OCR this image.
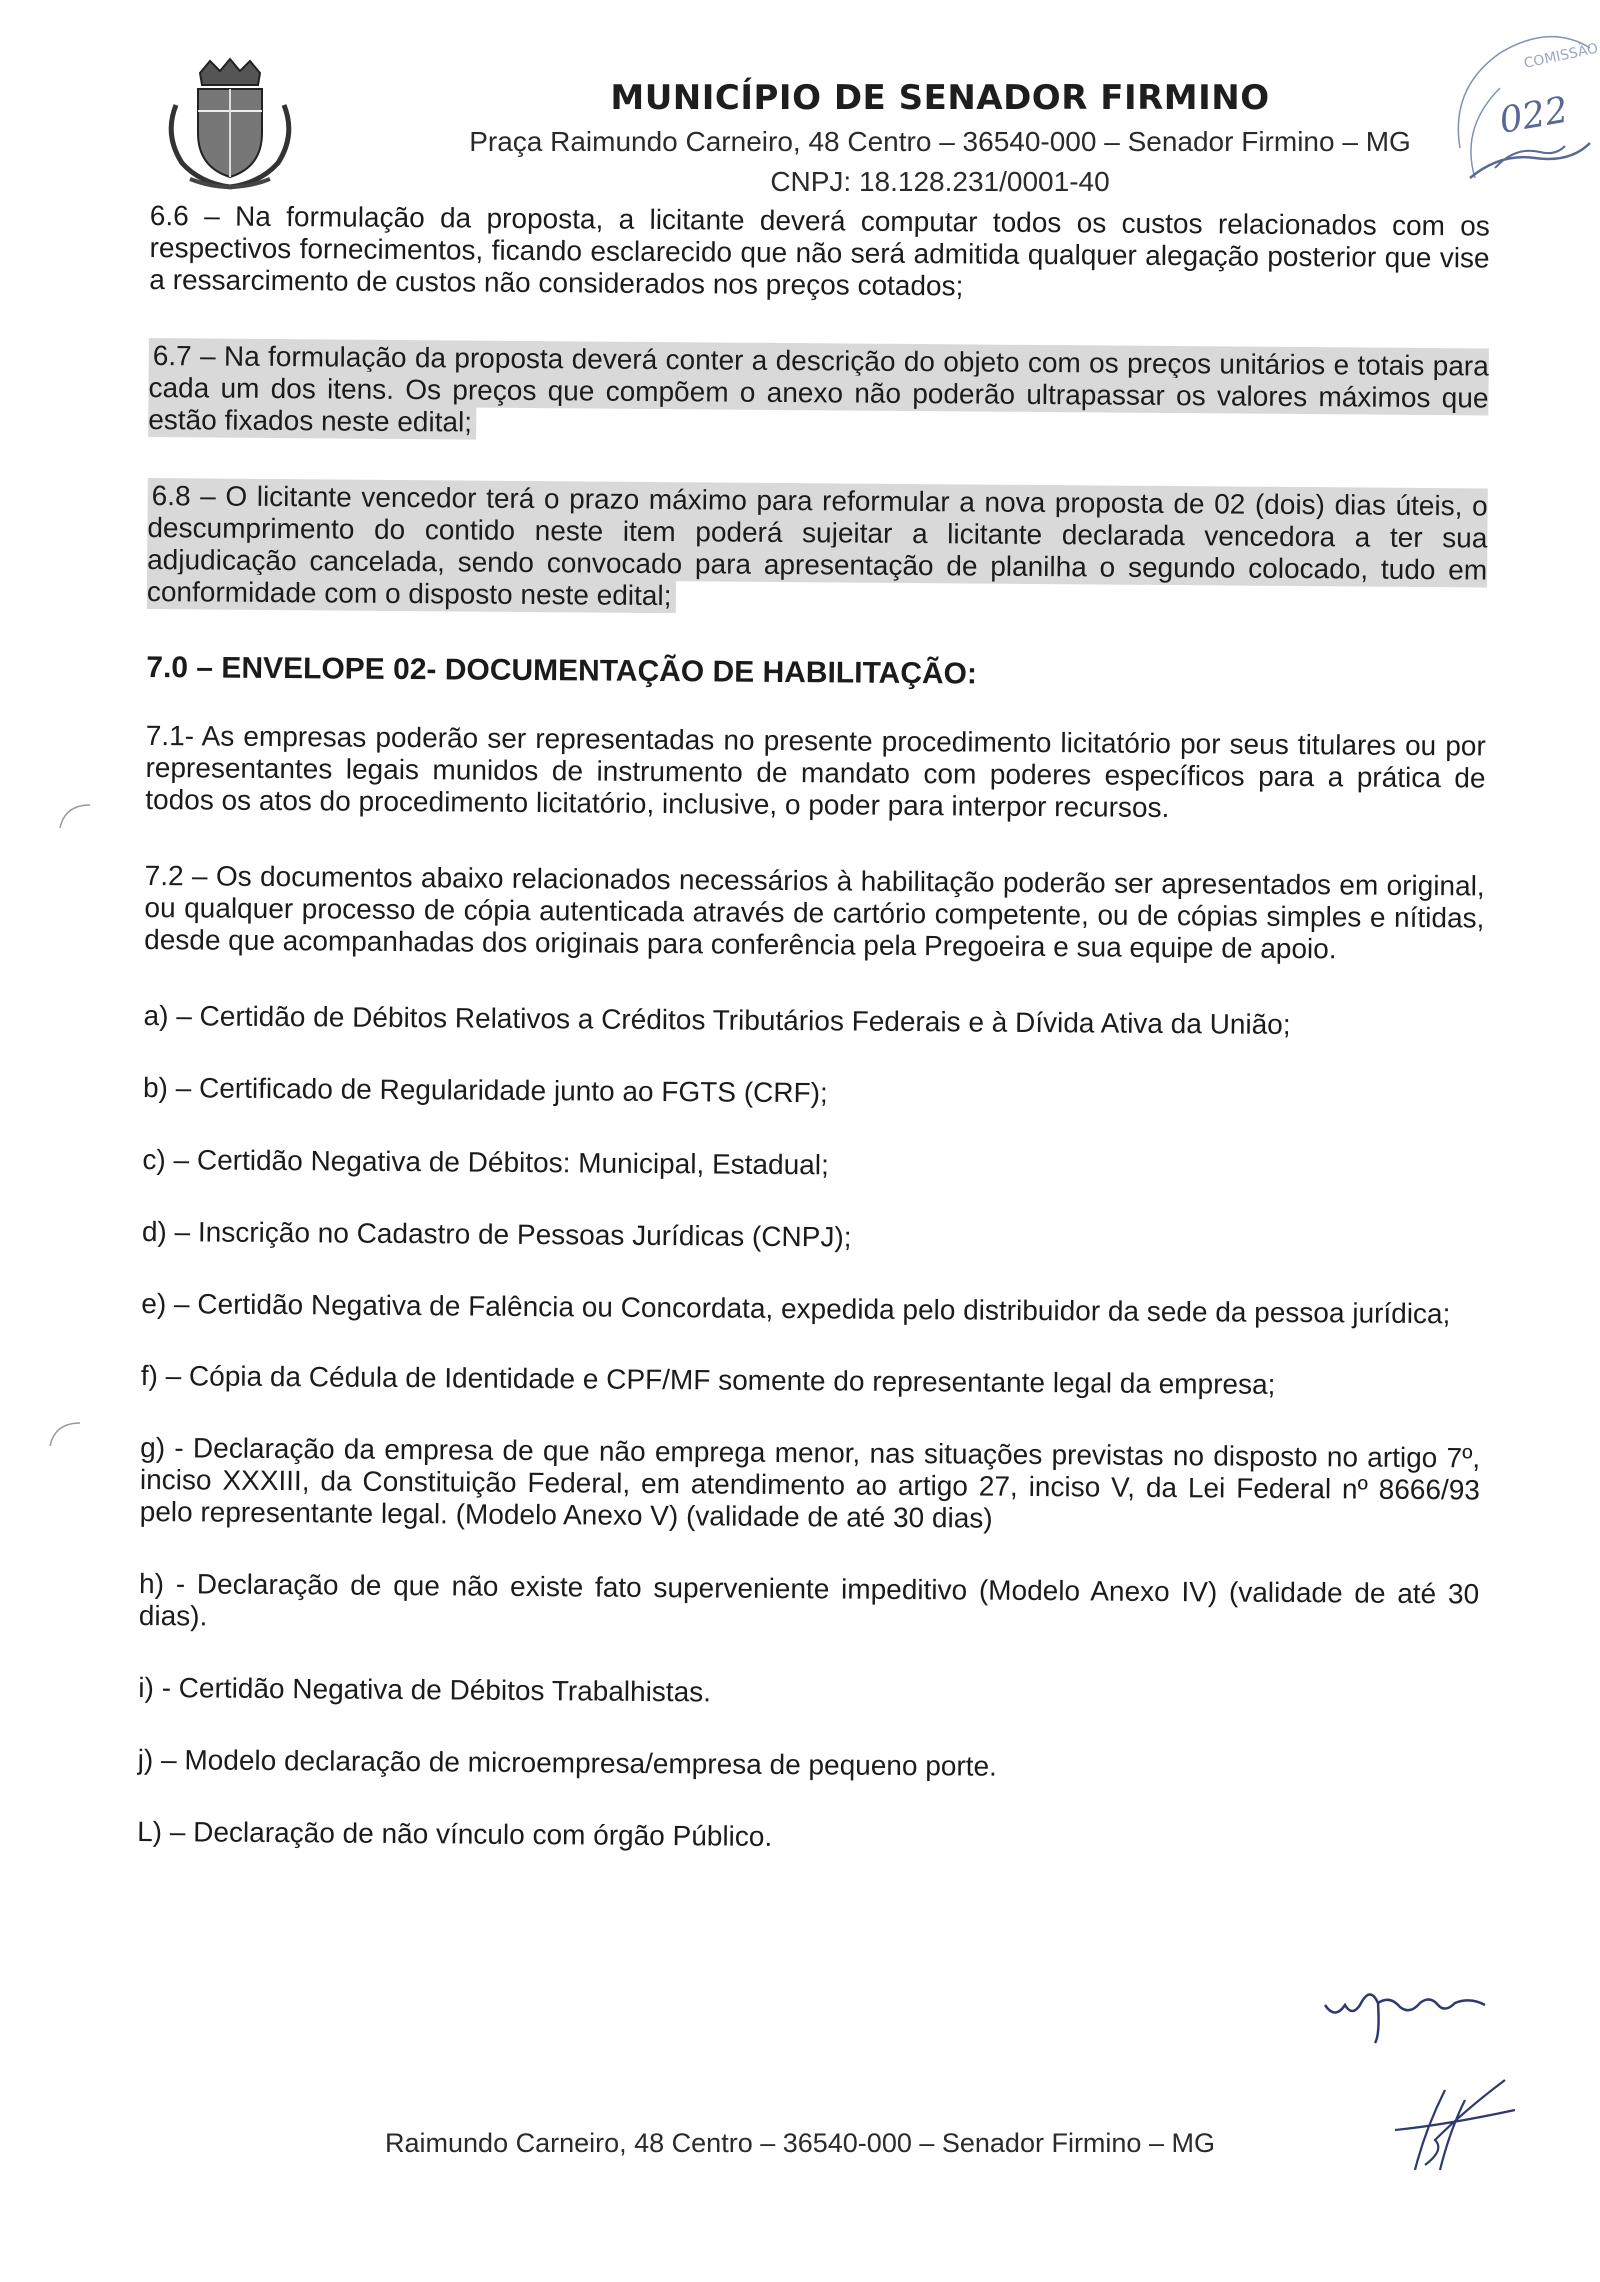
MUNICÍPIO DE SENADOR FIRMINO
Praça Raimundo Carneiro, 48 Centro – 36540-000 – Senador Firmino – MG
CNPJ: 18.128.231/0001-40
COMISSÃO
022

6.6 – Na formulação da proposta, a licitante deverá computar todos os custos relacionados com os respectivos fornecimentos, ficando esclarecido que não será admitida qualquer alegação posterior que vise a ressarcimento de custos não considerados nos preços cotados;

6.7 – Na formulação da proposta deverá conter a descrição do objeto com os preços unitários e totais para cada um dos itens. Os preços que compõem o anexo não poderão ultrapassar os valores máximos que estão fixados neste edital;

6.8 – O licitante vencedor terá o prazo máximo para reformular a nova proposta de 02 (dois) dias úteis, o descumprimento do contido neste item poderá sujeitar a licitante declarada vencedora a ter sua adjudicação cancelada, sendo convocado para apresentação de planilha o segundo colocado, tudo em conformidade com o disposto neste edital;

7.0 – ENVELOPE 02- DOCUMENTAÇÃO DE HABILITAÇÃO:

7.1- As empresas poderão ser representadas no presente procedimento licitatório por seus titulares ou por representantes legais munidos de instrumento de mandato com poderes específicos para a prática de todos os atos do procedimento licitatório, inclusive, o poder para interpor recursos.

7.2 – Os documentos abaixo relacionados necessários à habilitação poderão ser apresentados em original, ou qualquer processo de cópia autenticada através de cartório competente, ou de cópias simples e nítidas, desde que acompanhadas dos originais para conferência pela Pregoeira e sua equipe de apoio.

a) – Certidão de Débitos Relativos a Créditos Tributários Federais e à Dívida Ativa da União;

b) – Certificado de Regularidade junto ao FGTS (CRF);

c) – Certidão Negativa de Débitos: Municipal, Estadual;

d) – Inscrição no Cadastro de Pessoas Jurídicas (CNPJ);

e) – Certidão Negativa de Falência ou Concordata, expedida pelo distribuidor da sede da pessoa jurídica;

f) – Cópia da Cédula de Identidade e CPF/MF somente do representante legal da empresa;

g) - Declaração da empresa de que não emprega menor, nas situações previstas no disposto no artigo 7º, inciso XXXIII, da Constituição Federal, em atendimento ao artigo 27, inciso V, da Lei Federal nº 8666/93 pelo representante legal. (Modelo Anexo V) (validade de até 30 dias)

h) - Declaração de que não existe fato superveniente impeditivo (Modelo Anexo IV) (validade de até 30 dias).

i) - Certidão Negativa de Débitos Trabalhistas.

j) – Modelo declaração de microempresa/empresa de pequeno porte.

L) – Declaração de não vínculo com órgão Público.

Raimundo Carneiro, 48 Centro – 36540-000 – Senador Firmino – MG
